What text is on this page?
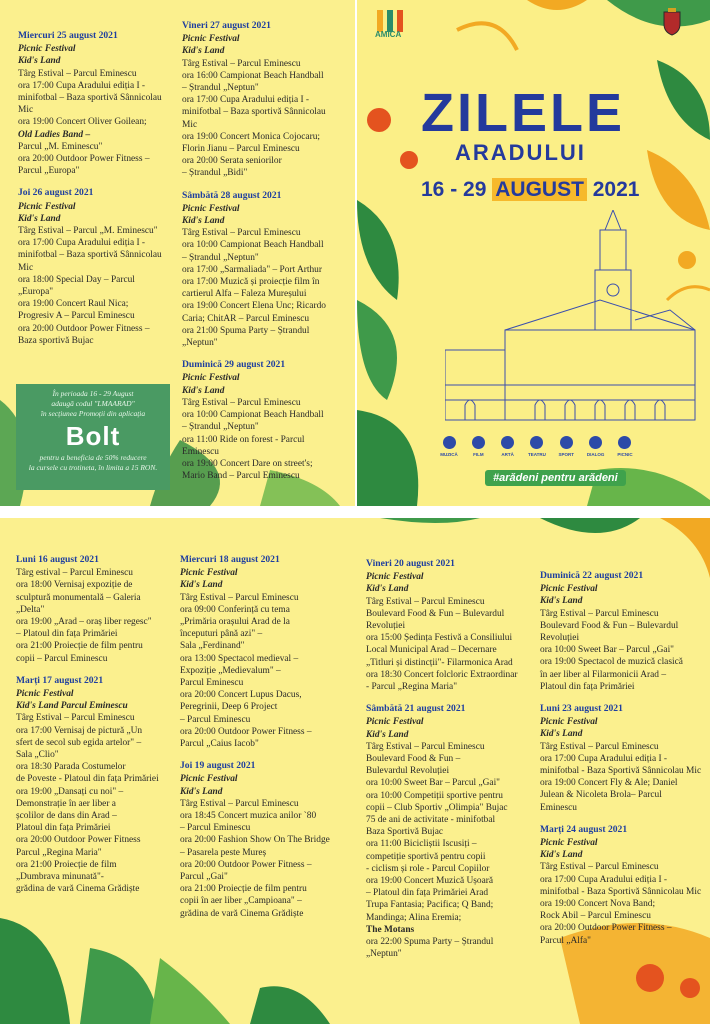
Miercuri 25 august 2021
Picnic Festival
Kid's Land
Târg Estival – Parcul Eminescu
ora 17:00 Cupa Aradului ediția I -
minifotbal – Baza sportivă Sânnicolau
Mic
ora 19:00 Concert Oliver Goilean;
Old Ladies Band –
Parcul „M. Eminescu"
ora 20:00 Outdoor Power Fitness –
Parcul „Europa"
Joi 26 august 2021
Picnic Festival
Kid's Land
Târg Estival – Parcul „M. Eminescu"
ora 17:00 Cupa Aradului ediția I -
minifotbal – Baza sportivă Sânnicolau
Mic
ora 18:00 Special Day – Parcul
„Europa"
ora 19:00 Concert Raul Nica;
Progresiv A – Parcul Eminescu
ora 20:00 Outdoor Power Fitness –
Baza sportivă Bujac
Vineri 27 august 2021
Picnic Festival
Kid's Land
Târg Estival – Parcul Eminescu
ora 16:00 Campionat Beach Handball
– Ștrandul „Neptun"
ora 17:00 Cupa Aradului ediția I -
minifotbal – Baza sportivă Sânnicolau
Mic
ora 19:00 Concert Monica Cojocaru;
Florin Jianu – Parcul Eminescu
ora 20:00 Serata seniorilor
– Ștrandul „Bidi"
Sâmbătă 28 august 2021
Picnic Festival
Kid's Land
Târg Estival – Parcul Eminescu
ora 10:00 Campionat Beach Handball
– Ștrandul „Neptun"
ora 17:00 „Sarmaliada" – Port Arthur
ora 17:00 Muzică și proiecție film în
cartierul Alfa – Faleza Mureșului
ora 19:00 Concert Elena Unc; Ricardo
Caria; ChitAR – Parcul Eminescu
ora 21:00 Spuma Party – Ștrandul
„Neptun"
Duminică 29 august 2021
Picnic Festival
Kid's Land
Târg Estival – Parcul Eminescu
ora 10:00 Campionat Beach Handball
– Ștrandul „Neptun"
ora 11:00 Ride on forest - Parcul
Eminescu
ora 19:00 Concert Dare on street's;
Mario Band – Parcul Eminescu
În perioada 16 - 29 August
adaugă codul "LMAARAD"
în secțiunea Promoții din aplicația
Bolt
pentru a beneficia de 50% reducere
la cursele cu trotineta, în limita a 15 RON.
AMICA
ZILELE
ARADULUI
16 - 29 AUGUST 2021
MUZICĂ	FILM	ARTĂ	TEATRU	SPORT	DIALOG	PICNIC
#arădeni pentru arădeni
Luni 16 august 2021
Târg estival – Parcul Eminescu
ora 18:00 Vernisaj expoziție de
sculptură monumentală – Galeria
„Delta"
ora 19:00 „Arad – oraș liber regesc"
– Platoul din fața Primăriei
ora 21:00 Proiecție de film pentru
copii – Parcul Eminescu
Marți 17 august 2021
Picnic Festival
Kid's Land Parcul Eminescu
Târg Estival – Parcul Eminescu
ora 17:00 Vernisaj de pictură „Un
sfert de secol sub egida artelor" –
Sala „Clio"
ora 18:30 Parada Costumelor
de Poveste - Platoul din fața Primăriei
ora 19:00 „Dansați cu noi" –
Demonstrație în aer liber a
școlilor de dans din Arad –
Platoul din fața Primăriei
ora 20:00 Outdoor Power Fitness
Parcul „Regina Maria"
ora 21:00 Proiecție de film
„Dumbrava minunată"-
grădina de vară Cinema Grădiște
Miercuri 18 august 2021
Picnic Festival
Kid's Land
Târg Estival – Parcul Eminescu
ora 09:00 Conferință cu tema
„Primăria orașului Arad de la
începuturi până azi" –
Sala „Ferdinand"
ora 13:00 Spectacol medieval –
Expoziție „Medievalum" –
Parcul Eminescu
ora 20:00 Concert Lupus Dacus,
Peregrinii, Deep 6 Project
– Parcul Eminescu
ora 20:00 Outdoor Power Fitness –
Parcul „Caius Iacob"
Joi 19 august 2021
Picnic Festival
Kid's Land
Târg Estival – Parcul Eminescu
ora 18:45 Concert muzica anilor `80
– Parcul Eminescu
ora 20:00 Fashion Show On The Bridge
– Pasarela peste Mureș
ora 20:00 Outdoor Power Fitness –
Parcul „Gai"
ora 21:00 Proiecție de film pentru
copii în aer liber „Campioana" –
grădina de vară Cinema Grădiște
Vineri 20 august 2021
Picnic Festival
Kid's Land
Târg Estival – Parcul Eminescu
Boulevard Food & Fun – Bulevardul
Revoluției
ora 15:00 Ședința Festivă a Consiliului
Local Municipal Arad – Decernare
„Titluri și distincții"- Filarmonica Arad
ora 18:30 Concert folcloric Extraordinar
- Parcul „Regina Maria"
Sâmbătă 21 august 2021
Picnic Festival
Kid's Land
Târg Estival – Parcul Eminescu
Boulevard Food & Fun –
Bulevardul Revoluției
ora 10:00 Sweet Bar – Parcul „Gai"
ora 10:00 Competiții sportive pentru
copii – Club Sportiv „Olimpia" Bujac
75 de ani de activitate - minifotbal
Baza Sportivă Bujac
ora 11:00 Bicicliștii Iscusiți –
competiție sportivă pentru copii
- ciclism și role - Parcul Copiilor
ora 19:00 Concert Muzică Ușoară
– Platoul din fața Primăriei Arad
Trupa Fantasia; Pacifica; Q Band;
Mandinga; Alina Eremia;
The Motans
ora 22:00 Spuma Party – Ștrandul
„Neptun"
Duminică 22 august 2021
Picnic Festival
Kid's Land
Târg Estival – Parcul Eminescu
Boulevard Food & Fun – Bulevardul
Revoluției
ora 10:00 Sweet Bar – Parcul „Gai"
ora 19:00 Spectacol de muzică clasică
în aer liber al Filarmonicii Arad –
Platoul din fața Primăriei
Luni 23 august 2021
Picnic Festival
Kid's Land
Târg Estival – Parcul Eminescu
ora 17:00 Cupa Aradului ediția I -
minifotbal - Baza Sportivă Sânnicolau Mic
ora 19:00 Concert Fly & Ale; Daniel
Julean & Nicoleta Brola– Parcul
Eminescu
Marți 24 august 2021
Picnic Festival
Kid's Land
Târg Estival – Parcul Eminescu
ora 17:00 Cupa Aradului ediția I -
minifotbal - Baza Sportivă Sânnicolau Mic
ora 19:00 Concert Nova Band;
Rock Abil – Parcul Eminescu
ora 20:00 Outdoor Power Fitness –
Parcul „Alfa"
